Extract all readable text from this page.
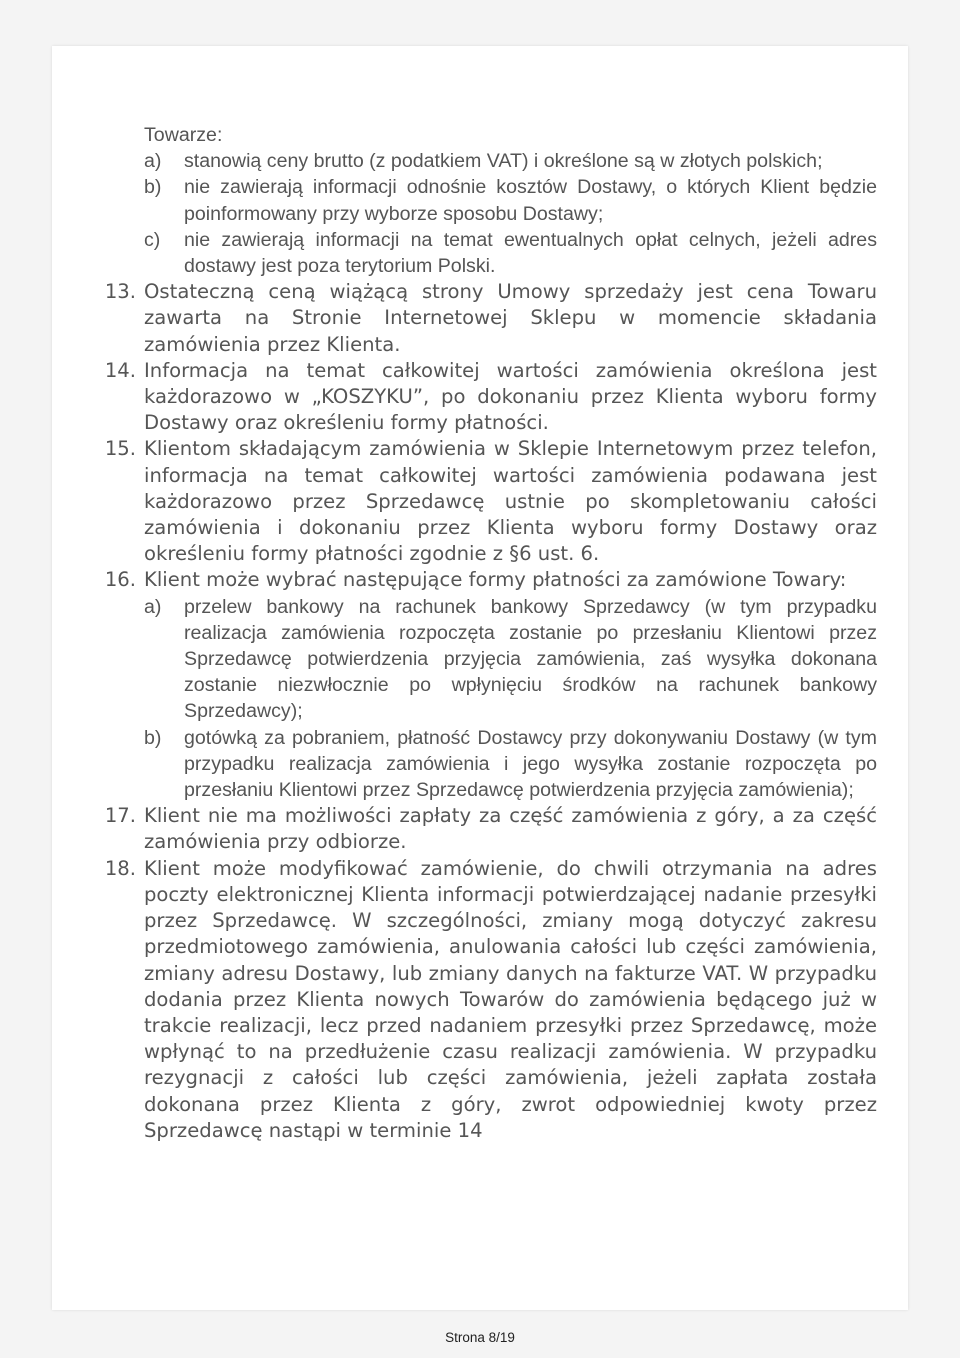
Towarze:
a)	stanowią ceny brutto (z podatkiem VAT) i określone są w złotych polskich;
b)	nie zawierają informacji odnośnie kosztów Dostawy, o których Klient będzie poinformowany przy wyborze sposobu Dostawy;
c)	nie zawierają informacji na temat ewentualnych opłat celnych, jeżeli adres dostawy jest poza terytorium Polski.
13. Ostateczną ceną wiążącą strony Umowy sprzedaży jest cena Towaru zawarta na Stronie Internetowej Sklepu w momencie składania zamówienia przez Klienta.
14. Informacja na temat całkowitej wartości zamówienia określona jest każdorazowo w „KOSZYKU”, po dokonaniu przez Klienta wyboru formy Dostawy oraz określeniu formy płatności.
15. Klientom składającym zamówienia w Sklepie Internetowym przez telefon, informacja na temat całkowitej wartości zamówienia podawana jest każdorazowo przez Sprzedawcę ustnie po skompletowaniu całości zamówienia i dokonaniu przez Klienta wyboru formy Dostawy oraz określeniu formy płatności zgodnie z §6 ust. 6.
16. Klient może wybrać następujące formy płatności za zamówione Towary:
a)	przelew bankowy na rachunek bankowy Sprzedawcy (w tym przypadku realizacja zamówienia rozpoczęta zostanie po przesłaniu Klientowi przez Sprzedawcę potwierdzenia przyjęcia zamówienia, zaś wysyłka dokonana zostanie niezwłocznie po wpłynięciu środków na rachunek bankowy Sprzedawcy);
b)	gotówką za pobraniem, płatność Dostawcy przy dokonywaniu Dostawy (w tym przypadku realizacja zamówienia i jego wysyłka zostanie rozpoczęta po przesłaniu Klientowi przez Sprzedawcę potwierdzenia przyjęcia zamówienia);
17. Klient nie ma możliwości zapłaty za część zamówienia z góry, a za część zamówienia przy odbiorze.
18. Klient może modyfikować zamówienie, do chwili otrzymania na adres poczty elektronicznej Klienta informacji potwierdzającej nadanie przesyłki przez Sprzedawcę. W szczególności, zmiany mogą dotyczyć zakresu przedmiotowego zamówienia, anulowania całości lub części zamówienia, zmiany adresu Dostawy, lub zmiany danych na fakturze VAT. W przypadku dodania przez Klienta nowych Towarów do zamówienia będącego już w trakcie realizacji, lecz przed nadaniem przesyłki przez Sprzedawcę, może wpłynąć to na przedłużenie czasu realizacji zamówienia. W przypadku rezygnacji z całości lub części zamówienia, jeżeli zapłata została dokonana przez Klienta z góry, zwrot odpowiedniej kwoty przez Sprzedawcę nastąpi w terminie 14
Strona 8/19
